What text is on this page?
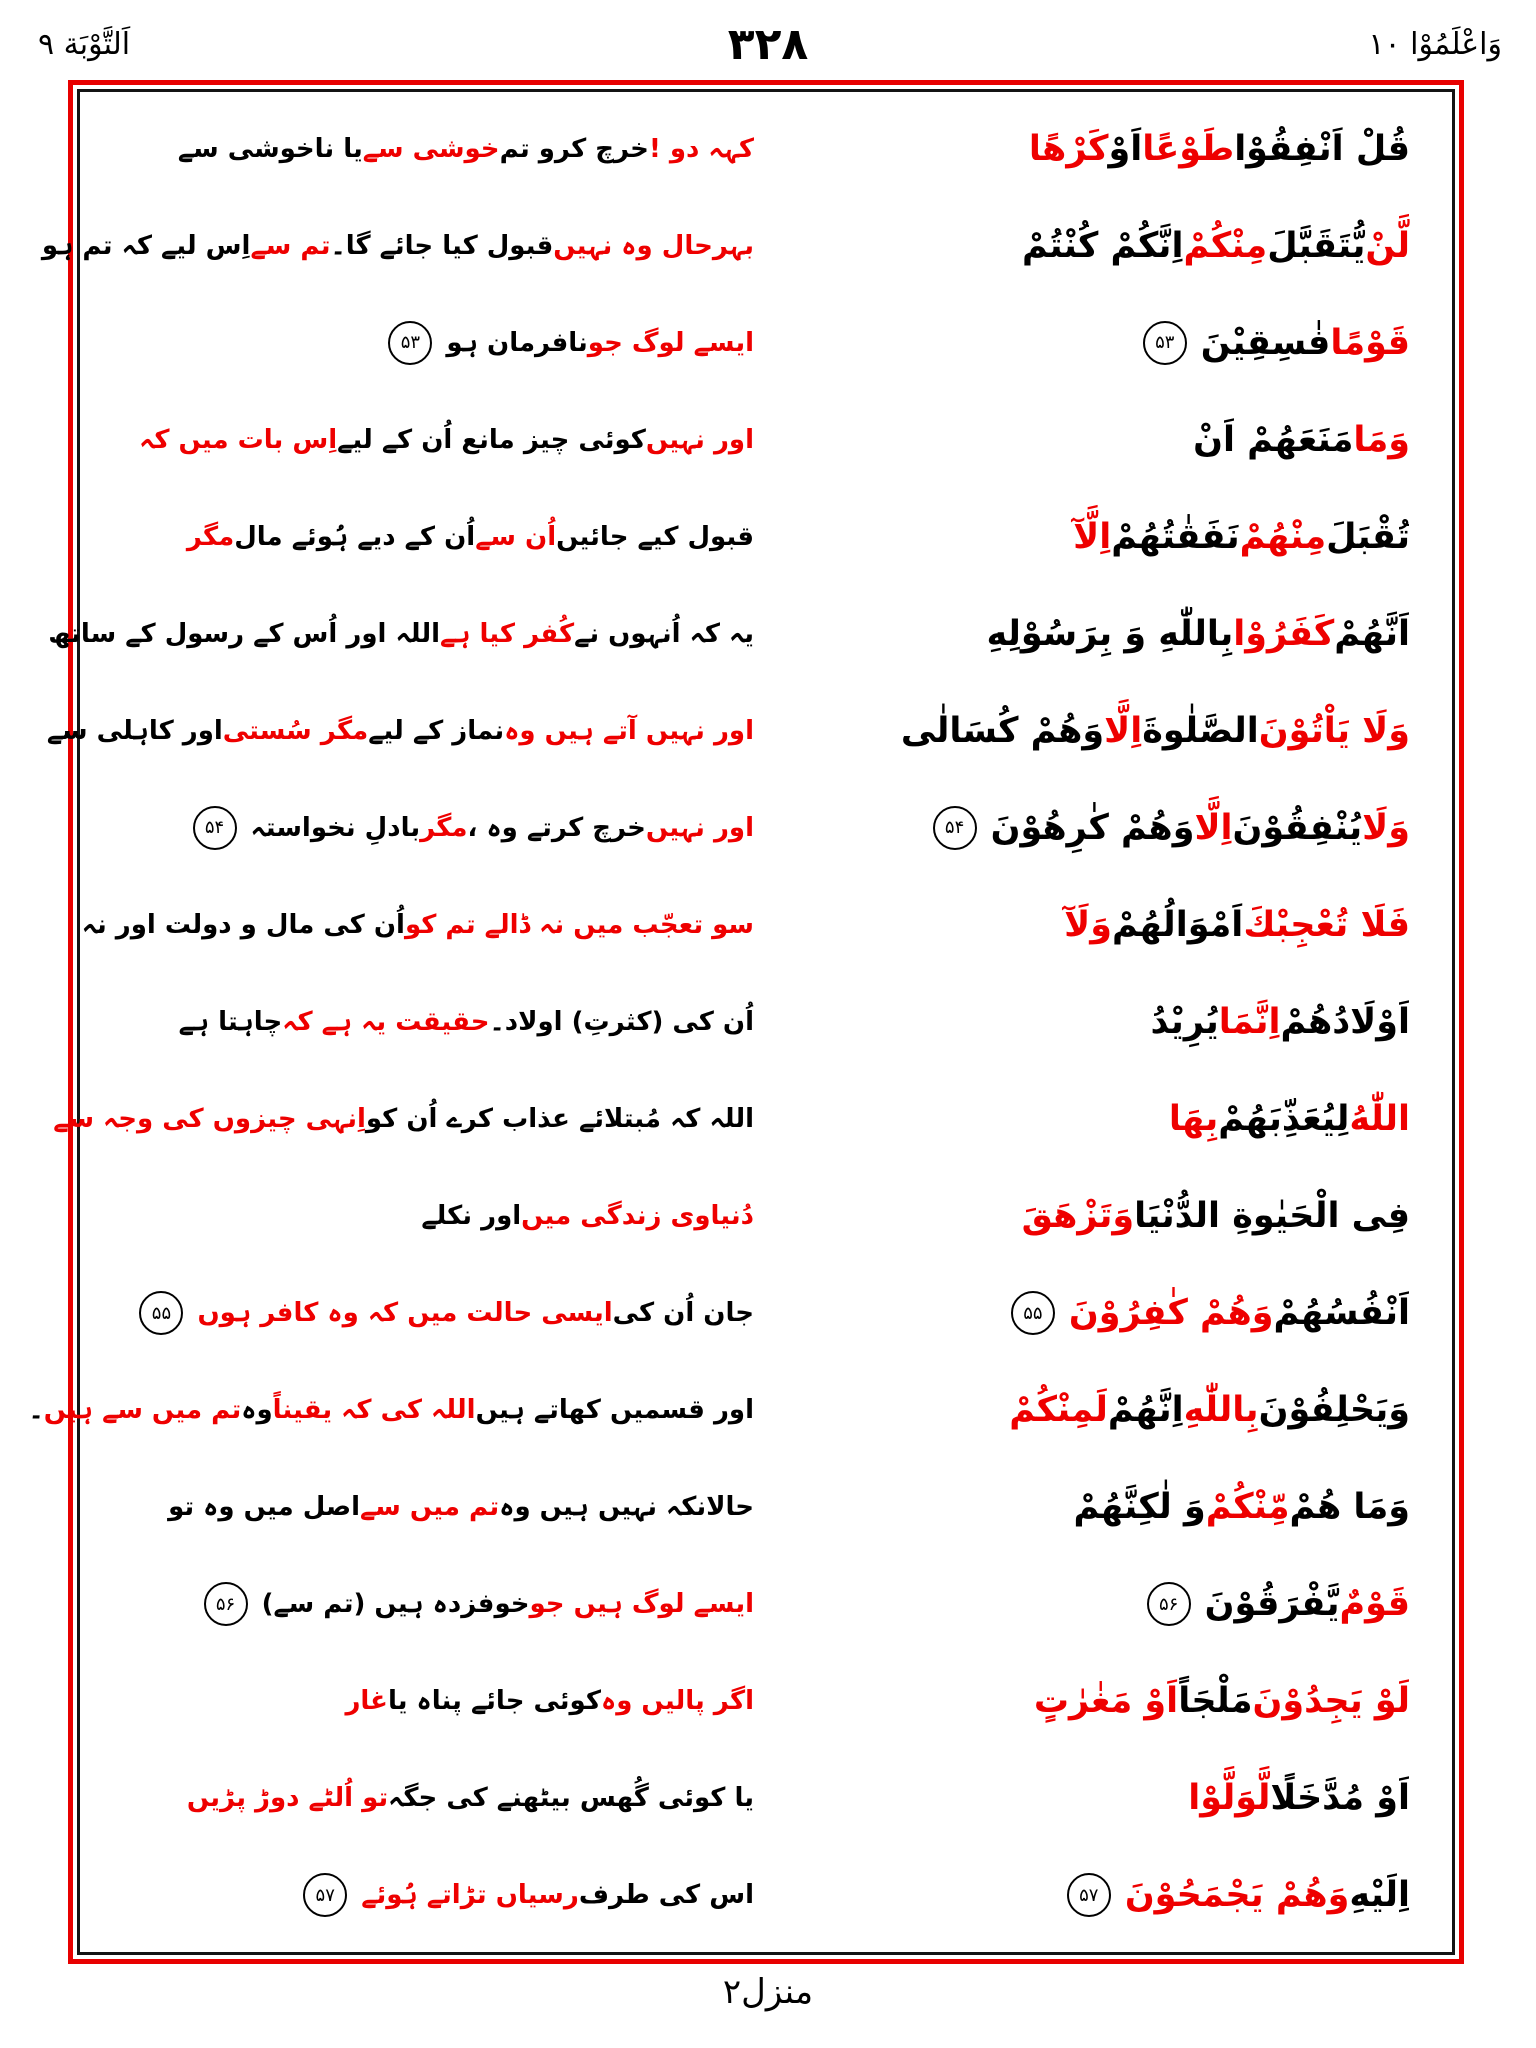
اَلتَّوْبَة ۹	۳۲۸	وَاعْلَمُوْا ۱۰
قُلْ اَنْفِقُوْا
طَوْعًا
اَوْ
كَرْهًا
لَّنْ
يُّتَقَبَّلَ
مِنْكُمْ
اِنَّكُمْ كُنْتُمْ
قَوْمًا
فٰسِقِيْنَ
۵۳
وَمَا
مَنَعَهُمْ اَنْ
تُقْبَلَ
مِنْهُمْ
نَفَقٰتُهُمْ
اِلَّآ
اَنَّهُمْ
كَفَرُوْا
بِاللّٰهِ وَ بِرَسُوْلِهِ
وَلَا يَاْتُوْنَ
الصَّلٰوةَ
اِلَّا
وَهُمْ كُسَالٰى
وَلَا
يُنْفِقُوْنَ
اِلَّا
وَهُمْ كٰرِهُوْنَ
۵۴
فَلَا تُعْجِبْكَ
اَمْوَالُهُمْ
وَلَآ
اَوْلَادُهُمْ
اِنَّمَا
يُرِيْدُ
اللّٰهُ
لِيُعَذِّبَهُمْ
بِهَا
فِى الْحَيٰوةِ الدُّنْيَا
وَتَزْهَقَ
اَنْفُسُهُمْ
وَهُمْ كٰفِرُوْنَ
۵۵
وَيَحْلِفُوْنَ
بِاللّٰهِ
اِنَّهُمْ
لَمِنْكُمْ
وَمَا هُمْ
مِّنْكُمْ
وَ لٰكِنَّهُمْ
قَوْمٌ
يَّفْرَقُوْنَ
۵۶
لَوْ يَجِدُوْنَ
مَلْجَاً
اَوْ مَغٰرٰتٍ
اَوْ مُدَّخَلًا
لَّوَلَّوْا
اِلَيْهِ
وَهُمْ يَجْمَحُوْنَ
۵۷
کہہ دو !
خرچ کرو تم
خوشی سے
یا ناخوشی سے
بہرحال وہ نہیں
قبول کیا جائے گا۔
تم سے
اِس لیے کہ تم ہو
ایسے لوگ جو
نافرمان ہو
۵۳
اور نہیں
کوئی چیز مانع اُن کے لیے
اِس بات میں کہ
قبول کیے جائیں
اُن سے
اُن کے دیے ہُوئے مال
مگر
یہ کہ اُنہوں نے
کُفر کیا ہے
اللہ اور اُس کے رسول کے ساتھ
اور نہیں آتے ہیں وہ
نماز کے لیے
مگر سُستی
اور کاہلی سے
اور نہیں
خرچ کرتے وہ ،
مگر
بادلِ نخواستہ
۵۴
سو تعجّب میں نہ ڈالے تم کو
اُن کی مال و دولت اور نہ
اُن کی (کثرتِ) اولاد۔
حقیقت یہ ہے کہ
چاہتا ہے
اللہ کہ مُبتلائے عذاب کرے اُن کو
اِنہی چیزوں کی وجہ سے
دُنیاوی زندگی میں
اور نکلے
جان اُن کی
ایسی حالت میں کہ وہ کافر ہوں
۵۵
اور قسمیں کھاتے ہیں
اللہ کی کہ یقیناً
وہ
تم میں سے ہیں
۔
حالانکہ نہیں ہیں وہ
تم میں سے
اصل میں وہ تو
ایسے لوگ ہیں جو
خوفزدہ ہیں (تم سے)
۵۶
اگر پالیں وہ
کوئی جائے پناہ یا
غار
یا کوئی گُھس بیٹھنے کی جگہ
تو اُلٹے دوڑ پڑیں
اس کی طرف
رسیاں تڑاتے ہُوئے
۵۷
منزل۲
